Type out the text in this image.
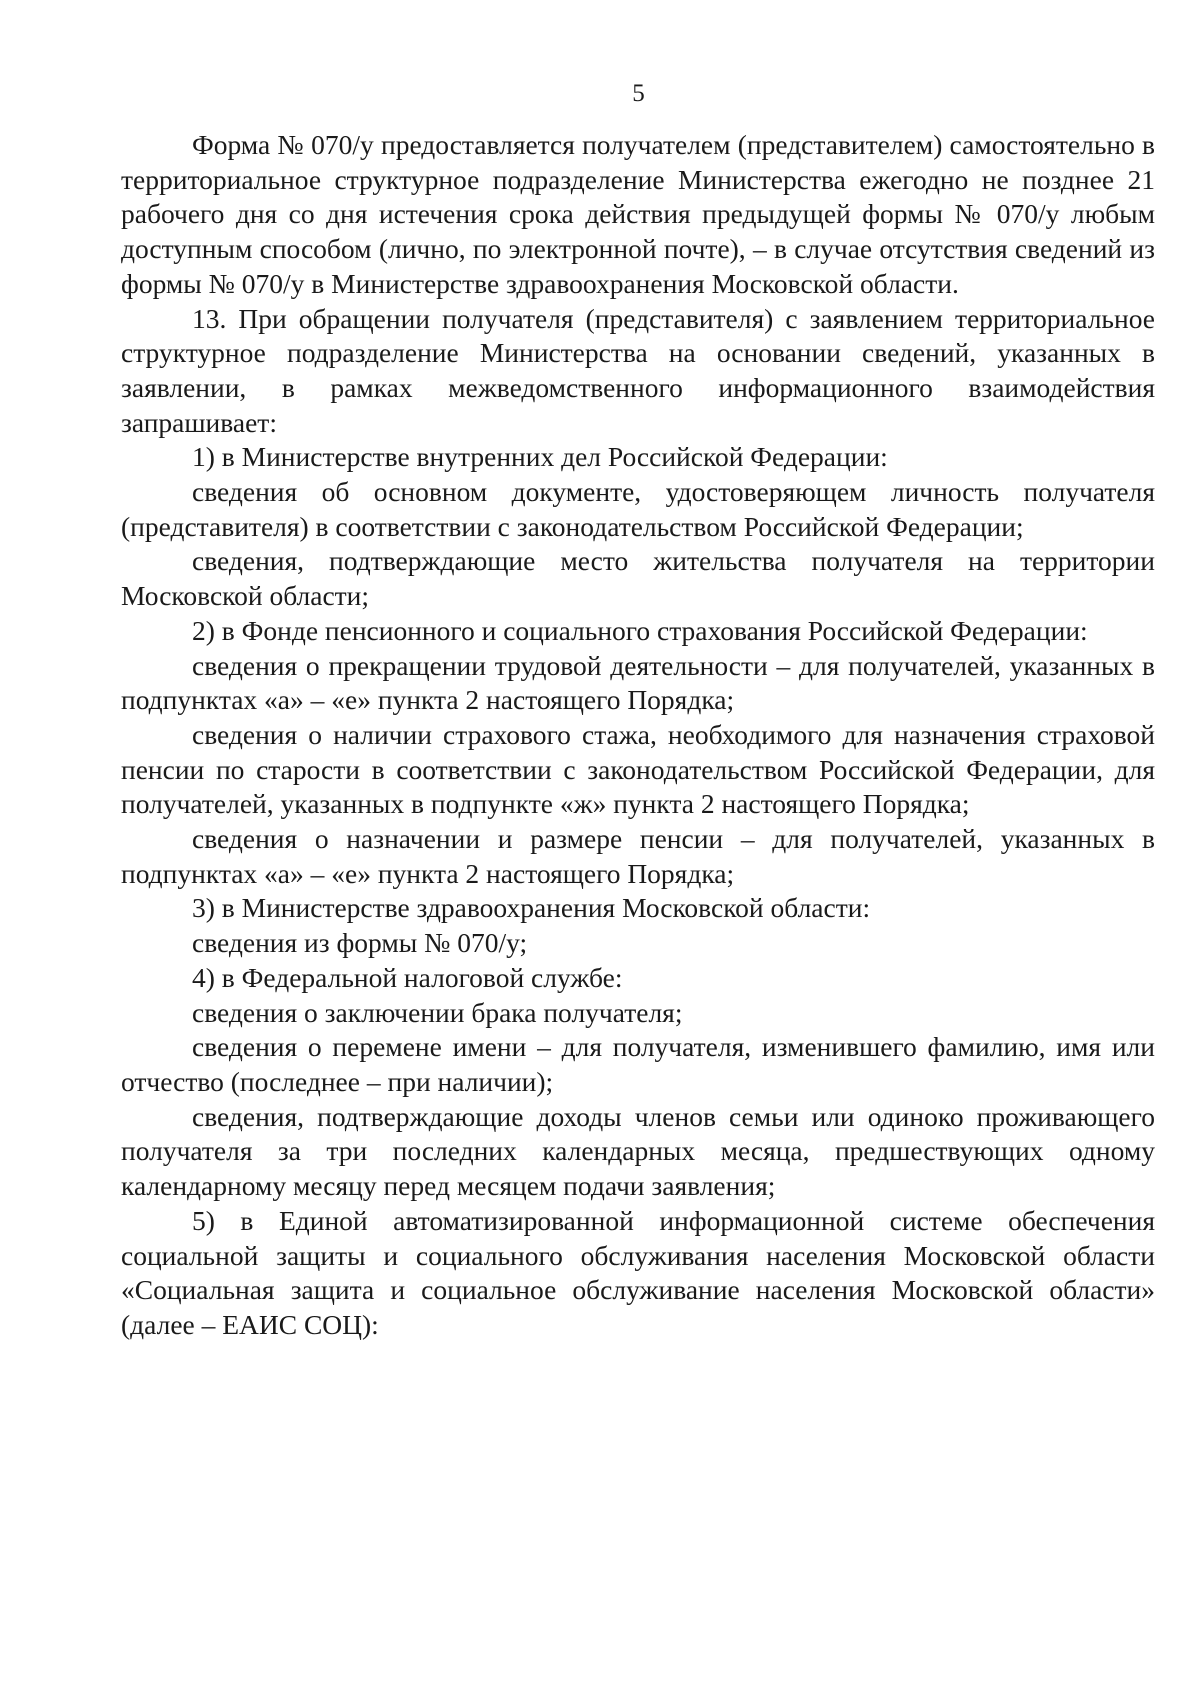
5

Форма № 070/у предоставляется получателем (представителем) самостоятельно в территориальное структурное подразделение Министерства ежегодно не позднее 21 рабочего дня со дня истечения срока действия предыдущей формы № 070/у любым доступным способом (лично, по электронной почте), – в случае отсутствия сведений из формы № 070/у в Министерстве здравоохранения Московской области.

13. При обращении получателя (представителя) с заявлением территориальное структурное подразделение Министерства на основании сведений, указанных в заявлении, в рамках межведомственного информационного взаимодействия запрашивает:

1) в Министерстве внутренних дел Российской Федерации:

сведения об основном документе, удостоверяющем личность получателя (представителя) в соответствии с законодательством Российской Федерации;

сведения, подтверждающие место жительства получателя на территории Московской области;

2) в Фонде пенсионного и социального страхования Российской Федерации:

сведения о прекращении трудовой деятельности – для получателей, указанных в подпунктах «а» – «е» пункта 2 настоящего Порядка;

сведения о наличии страхового стажа, необходимого для назначения страховой пенсии по старости в соответствии с законодательством Российской Федерации, для получателей, указанных в подпункте «ж» пункта 2 настоящего Порядка;

сведения о назначении и размере пенсии – для получателей, указанных в подпунктах «а» – «е» пункта 2 настоящего Порядка;

3) в Министерстве здравоохранения Московской области:

сведения из формы № 070/у;

4) в Федеральной налоговой службе:

сведения о заключении брака получателя;

сведения о перемене имени – для получателя, изменившего фамилию, имя или отчество (последнее – при наличии);

сведения, подтверждающие доходы членов семьи или одиноко проживающего получателя за три последних календарных месяца, предшествующих одному календарному месяцу перед месяцем подачи заявления;

5) в Единой автоматизированной информационной системе обеспечения социальной защиты и социального обслуживания населения Московской области «Социальная защита и социальное обслуживание населения Московской области» (далее – ЕАИС СОЦ):
